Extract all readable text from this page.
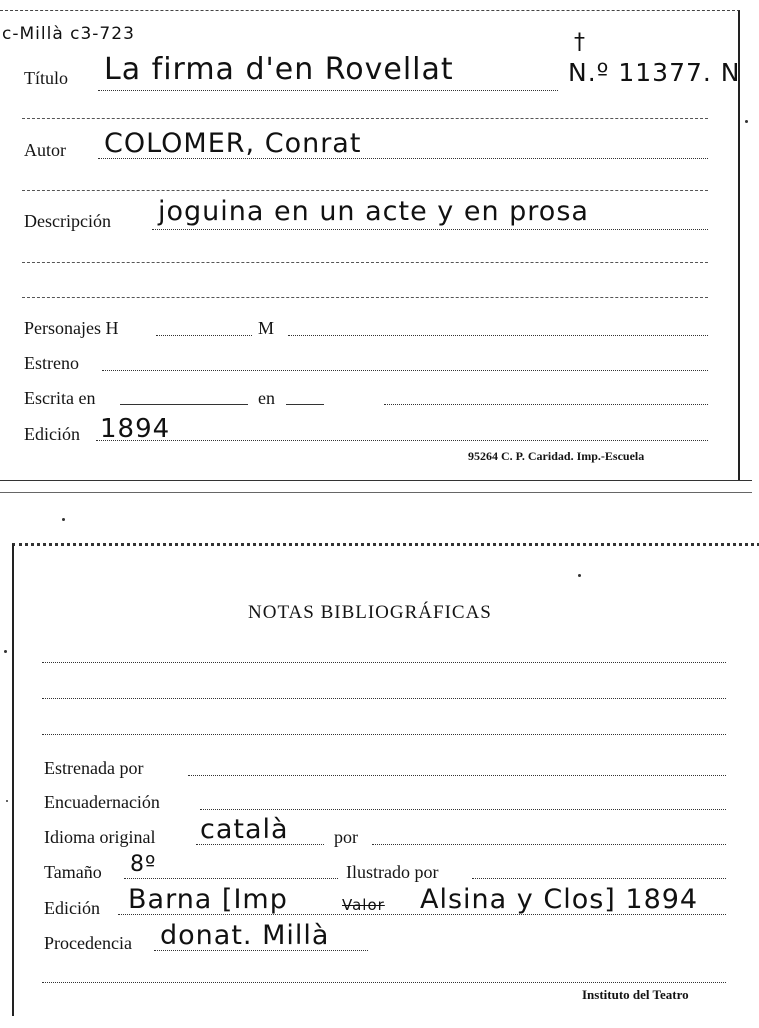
c-Millà c3-723
Título La firma d'en Rovellat
†
N.º 11377. N
Autor COLOMER, Conrat
Descripción joguina en un acte y en prosa
Personajes H	M
Estreno
Escrita en	en
Edición 1894
95264 C. P. Caridad. Imp.-Escuela
NOTAS BIBLIOGRÁFICAS
Estrenada por
Encuadernación
Idioma original català	por
Tamaño 8º	Ilustrado por
Edición Barna [Imp	Valor Alsina y Clos] 1894
Procedencia donat. Millà
Instituto del Teatro
